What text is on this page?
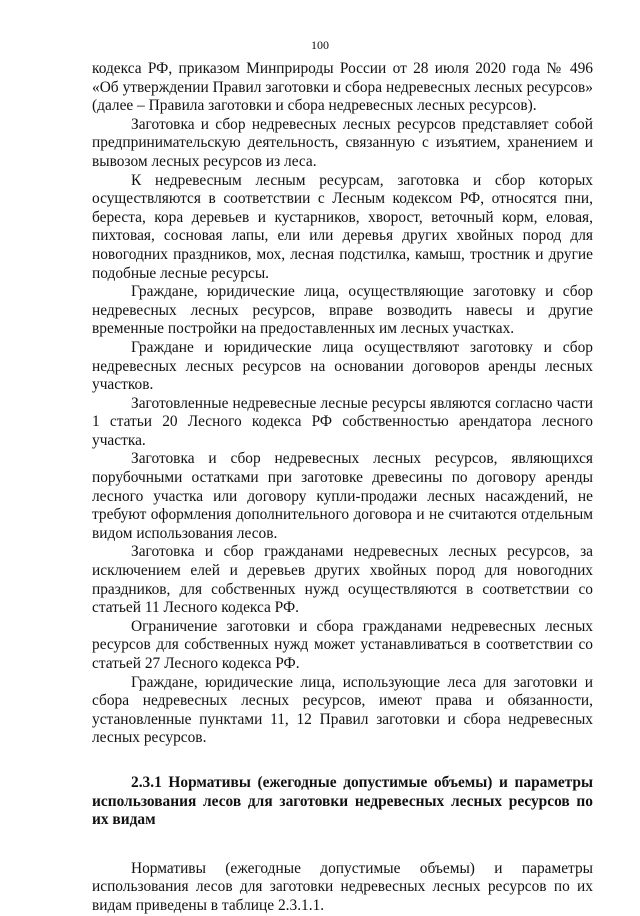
100

кодекса РФ, приказом Минприроды России от 28 июля 2020 года № 496 «Об утверждении Правил заготовки и сбора недревесных лесных ресурсов» (далее – Правила заготовки и сбора недревесных лесных ресурсов).

Заготовка и сбор недревесных лесных ресурсов представляет собой предпринимательскую деятельность, связанную с изъятием, хранением и вывозом лесных ресурсов из леса.

К недревесным лесным ресурсам, заготовка и сбор которых осуществляются в соответствии с Лесным кодексом РФ, относятся пни, береста, кора деревьев и кустарников, хворост, веточный корм, еловая, пихтовая, сосновая лапы, ели или деревья других хвойных пород для новогодних праздников, мох, лесная подстилка, камыш, тростник и другие подобные лесные ресурсы.

Граждане, юридические лица, осуществляющие заготовку и сбор недревесных лесных ресурсов, вправе возводить навесы и другие временные постройки на предоставленных им лесных участках.

Граждане и юридические лица осуществляют заготовку и сбор недревесных лесных ресурсов на основании договоров аренды лесных участков.

Заготовленные недревесные лесные ресурсы являются согласно части 1 статьи 20 Лесного кодекса РФ собственностью арендатора лесного участка.

Заготовка и сбор недревесных лесных ресурсов, являющихся порубочными остатками при заготовке древесины по договору аренды лесного участка или договору купли-продажи лесных насаждений, не требуют оформления дополнительного договора и не считаются отдельным видом использования лесов.

Заготовка и сбор гражданами недревесных лесных ресурсов, за исключением елей и деревьев других хвойных пород для новогодних праздников, для собственных нужд осуществляются в соответствии со статьей 11 Лесного кодекса РФ.

Ограничение заготовки и сбора гражданами недревесных лесных ресурсов для собственных нужд может устанавливаться в соответствии со статьей 27 Лесного кодекса РФ.

Граждане, юридические лица, использующие леса для заготовки и сбора недревесных лесных ресурсов, имеют права и обязанности, установленные пунктами 11, 12 Правил заготовки и сбора недревесных лесных ресурсов.

2.3.1 Нормативы (ежегодные допустимые объемы) и параметры использования лесов для заготовки недревесных лесных ресурсов по их видам

Нормативы (ежегодные допустимые объемы) и параметры использования лесов для заготовки недревесных лесных ресурсов по их видам приведены в таблице 2.3.1.1.
